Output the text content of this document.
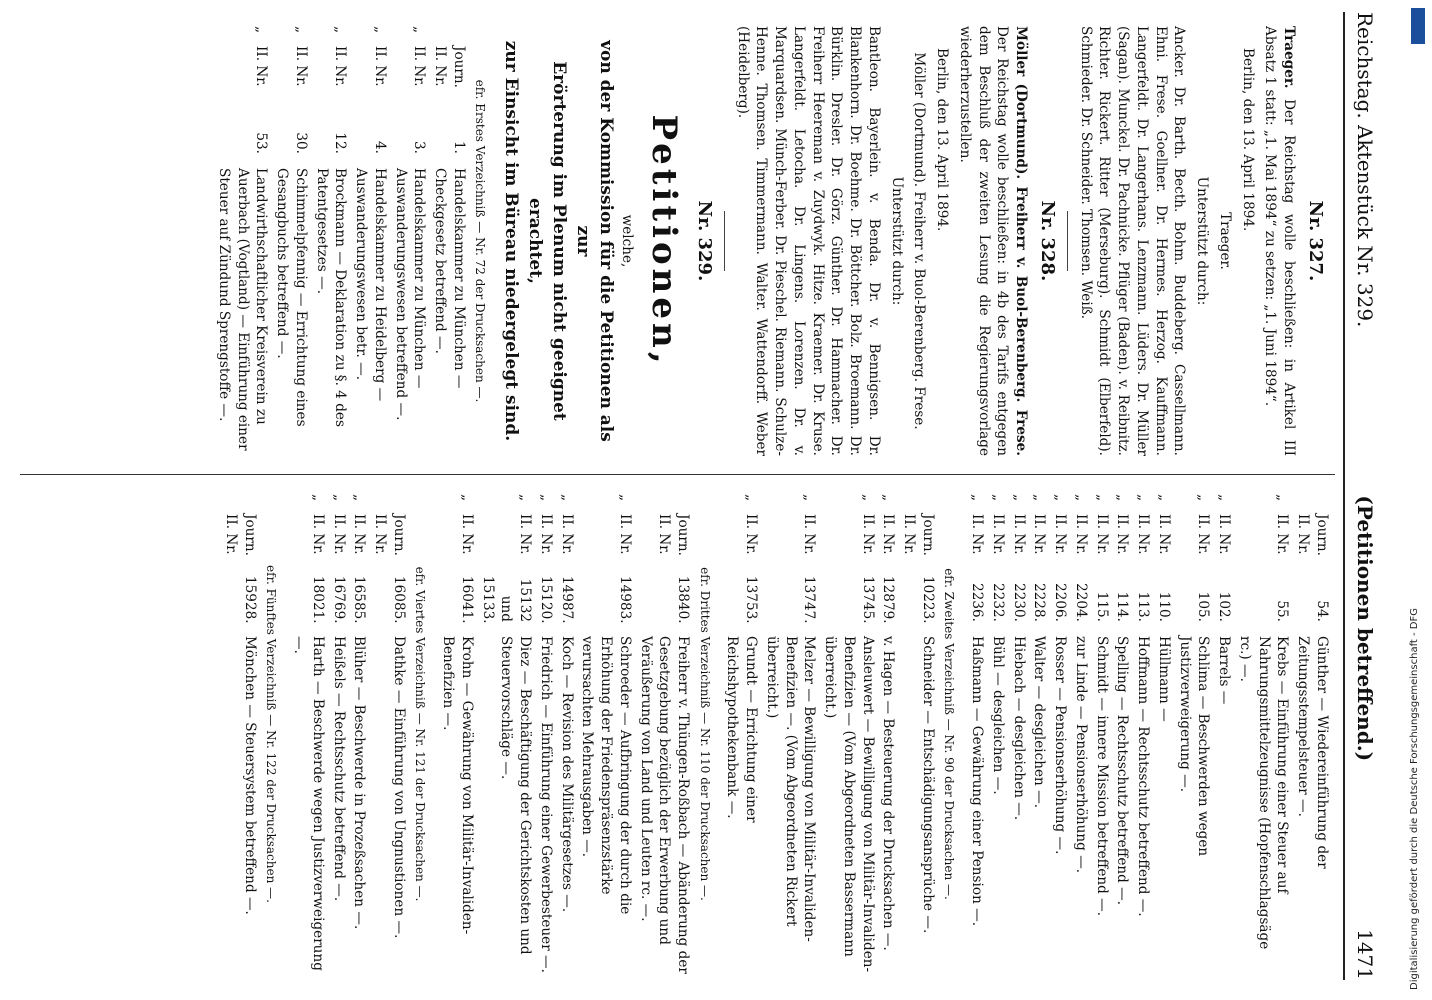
Reichstag. Aktenstück Nr. 329.
(Petitionen betreffend.)
1471
Nr. 327.

Traeger. Der Reichstag wolle beschließen: in Artikel III Absatz 1 statt: „1. Mai 1894“ zu setzen: „1. Juni 1894“.

Berlin, den 13. April 1894.

Traeger.

Unterstützt durch:

Ancker. Dr. Barth. Becth. Bohm. Buddeberg. Cassellmann. Ehni. Frese. Goellner. Dr. Hermes. Herzog. Kauffmann. Langerfeldt. Dr. Langerhans. Lenzmann. Lüders. Dr. Müller (Sagan). Munckel. Dr. Pachnicke. Pflüger (Baden). v. Reibnitz. Richter. Rickert. Ritter (Merseburg). Schmidt (Elberfeld). Schmieder. Dr. Schneider. Thomsen. Weiß.

Nr. 328.

Möller (Dortmund). Freiherr v. Buol-Berenberg. Frese. Der Reichstag wolle beschließen: in 4b des Tarifs entgegen dem Beschluß der zweiten Lesung die Regierungsvorlage wiederherzustellen.

Berlin, den 13. April 1894.

Möller (Dortmund). Freiherr v. Buol-Berenberg. Frese.

Unterstützt durch:

Bantleon. Bayerlein. v. Benda. Dr. v. Bennigsen. Dr. Blankenhorn. Dr. Boehme. Dr. Böttcher. Bolz. Broemann. Dr. Bürklin. Dresler. Dr. Görz. Günther. Dr. Hammacher. Dr. Freiherr Heereman v. Zuydwyk. Hitze. Kraemer. Dr. Kruse. Langerfeldt. Letocha. Dr. Lingens. Lorenzen. Dr. v. Marquardsen. Münch-Ferber. Dr. Pieschel. Riemann. Schulze-Henne. Thomsen. Timmermann. Walter. Wattendorff. Weber (Heidelberg).

Nr. 329.
Petitionen,
welche,
von der Kommission für die Petitionen als zur
Erörterung im Plenum nicht geeignet erachtet,
zur Einsicht im Büreau niedergelegt sind.
efr. Erstes Verzeichniß — Nr. 72 der Drucksachen —.
Journ. II. Nr.
1.
Handelskammer zu München — Checkgesetz betreffend —.
„
II. Nr.
3.
Handelskammer zu München — Auswanderungswesen betreffend —.
„
II. Nr.
4.
Handelskammer zu Heidelberg — Auswanderungswesen betr. —.
„
II. Nr.
12.
Brockmann — Deklaration zu §. 4 des Patentgesetzes —.
„
II. Nr.
30.
Schimmelpfennig — Errichtung eines Gesangbuchs betreffend —.
„
II. Nr.
53.
Landwirthschaftlicher Kreisverein zu Auerbach (Vogtland) — Einführung einer Steuer auf Zündund Sprengstoffe —.
Journ. II. Nr.
54.
Günther — Wiedereinführung der Zeitungsstempelsteuer —.
„
II. Nr.
55.
Krebs — Einführung einer Steuer auf Nahrungsmittelzeugnisse (Hopfenschlagsäge rc.) —.
„
II. Nr.
102.
Barrels —
„
II. Nr.
105.
Schlima — Beschwerden wegen Justizverweigerung —.
„
II. Nr.
110.
Hüllmann —
„
II. Nr.
113.
Hoffmann — Rechtsschutz betreffend —.
„
II. Nr.
114.
Spelling — Rechtsschutz betreffend —.
„
II. Nr.
115.
Schmidt — innere Mission betreffend —.
„
II. Nr.
2204.
zur Linde — Pensionserhöhung —.
„
II. Nr.
2206.
Rosser — Pensionserhöhung —.
„
II. Nr.
2228.
Walter — desgleichen —.
„
II. Nr.
2230.
Hiebach — desgleichen —.
„
II. Nr.
2232.
Bühl — desgleichen —.
„
II. Nr.
2236.
Haßmann — Gewährung einer Pension —.
efr. Zweites Verzeichniß — Nr. 90 der Drucksachen —.
Journ. II. Nr.
10223.
Schneider — Entschädigungsansprüche —.
„
II. Nr.
12879.
v. Hagen — Besteuerung der Drucksachen —.
„
II. Nr.
13745.
Ansleuwert — Bewilligung von Militär-Invaliden-Benefizien — (Vom Abgeordneten Bassermann überreicht.)
„
II. Nr.
13747.
Melzer — Bewilligung von Militär-Invaliden-Benefizien —. (Vom Abgeordneten Rickert überreicht.)
„
II. Nr.
13753.
Grundt — Errichtung einer Reichshypothekenbank —.
efr. Drittes Verzeichniß — Nr. 110 der Drucksachen —.
Journ. II. Nr.
13840.
Freiherr v. Thüngen-Roßbach — Abänderung der Gesetzgebung bezüglich der Erwerbung und Veräußerung von Land und Leuten rc. —.
„
II. Nr.
14983.
Schroeder — Aufbringung der durch die Erhöhung der Friedenspräsenzstärke verursachten Mehrausgaben —.
„
II. Nr.
14987.
Koch — Revision des Militärgesetzes —.
„
II. Nr.
15120.
Friedrich — Einführung einer Gewerbesteuer —.
„
II. Nr.
15132 und 15133.
Diez — Beschäftigung der Gerichtskosten und Steuervorschläge —.
„
II. Nr.
16041.
Krohn — Gewährung von Militär-Invaliden-Benefizien —.
efr. Viertes Verzeichniß — Nr. 121 der Drucksachen —.
Journ. II. Nr.
16085.
Dathke — Einführung von Ungnustionen —.
„
II. Nr.
16585.
Blüher — Beschwerde in Prozeßsachen —.
„
II. Nr.
16769.
Heißels — Rechtsschutz betreffend —.
„
II. Nr.
18021.
Harth — Beschwerde wegen Justizverweigerung —.
efr. Fünftes Verzeichniß — Nr. 122 der Drucksachen —.
Journ. II. Nr.
15928.
Mönchen — Steuersystem betreffend —.	Digitalisierung gefördert durch die Deutsche Forschungsgemeinschaft - DFG
